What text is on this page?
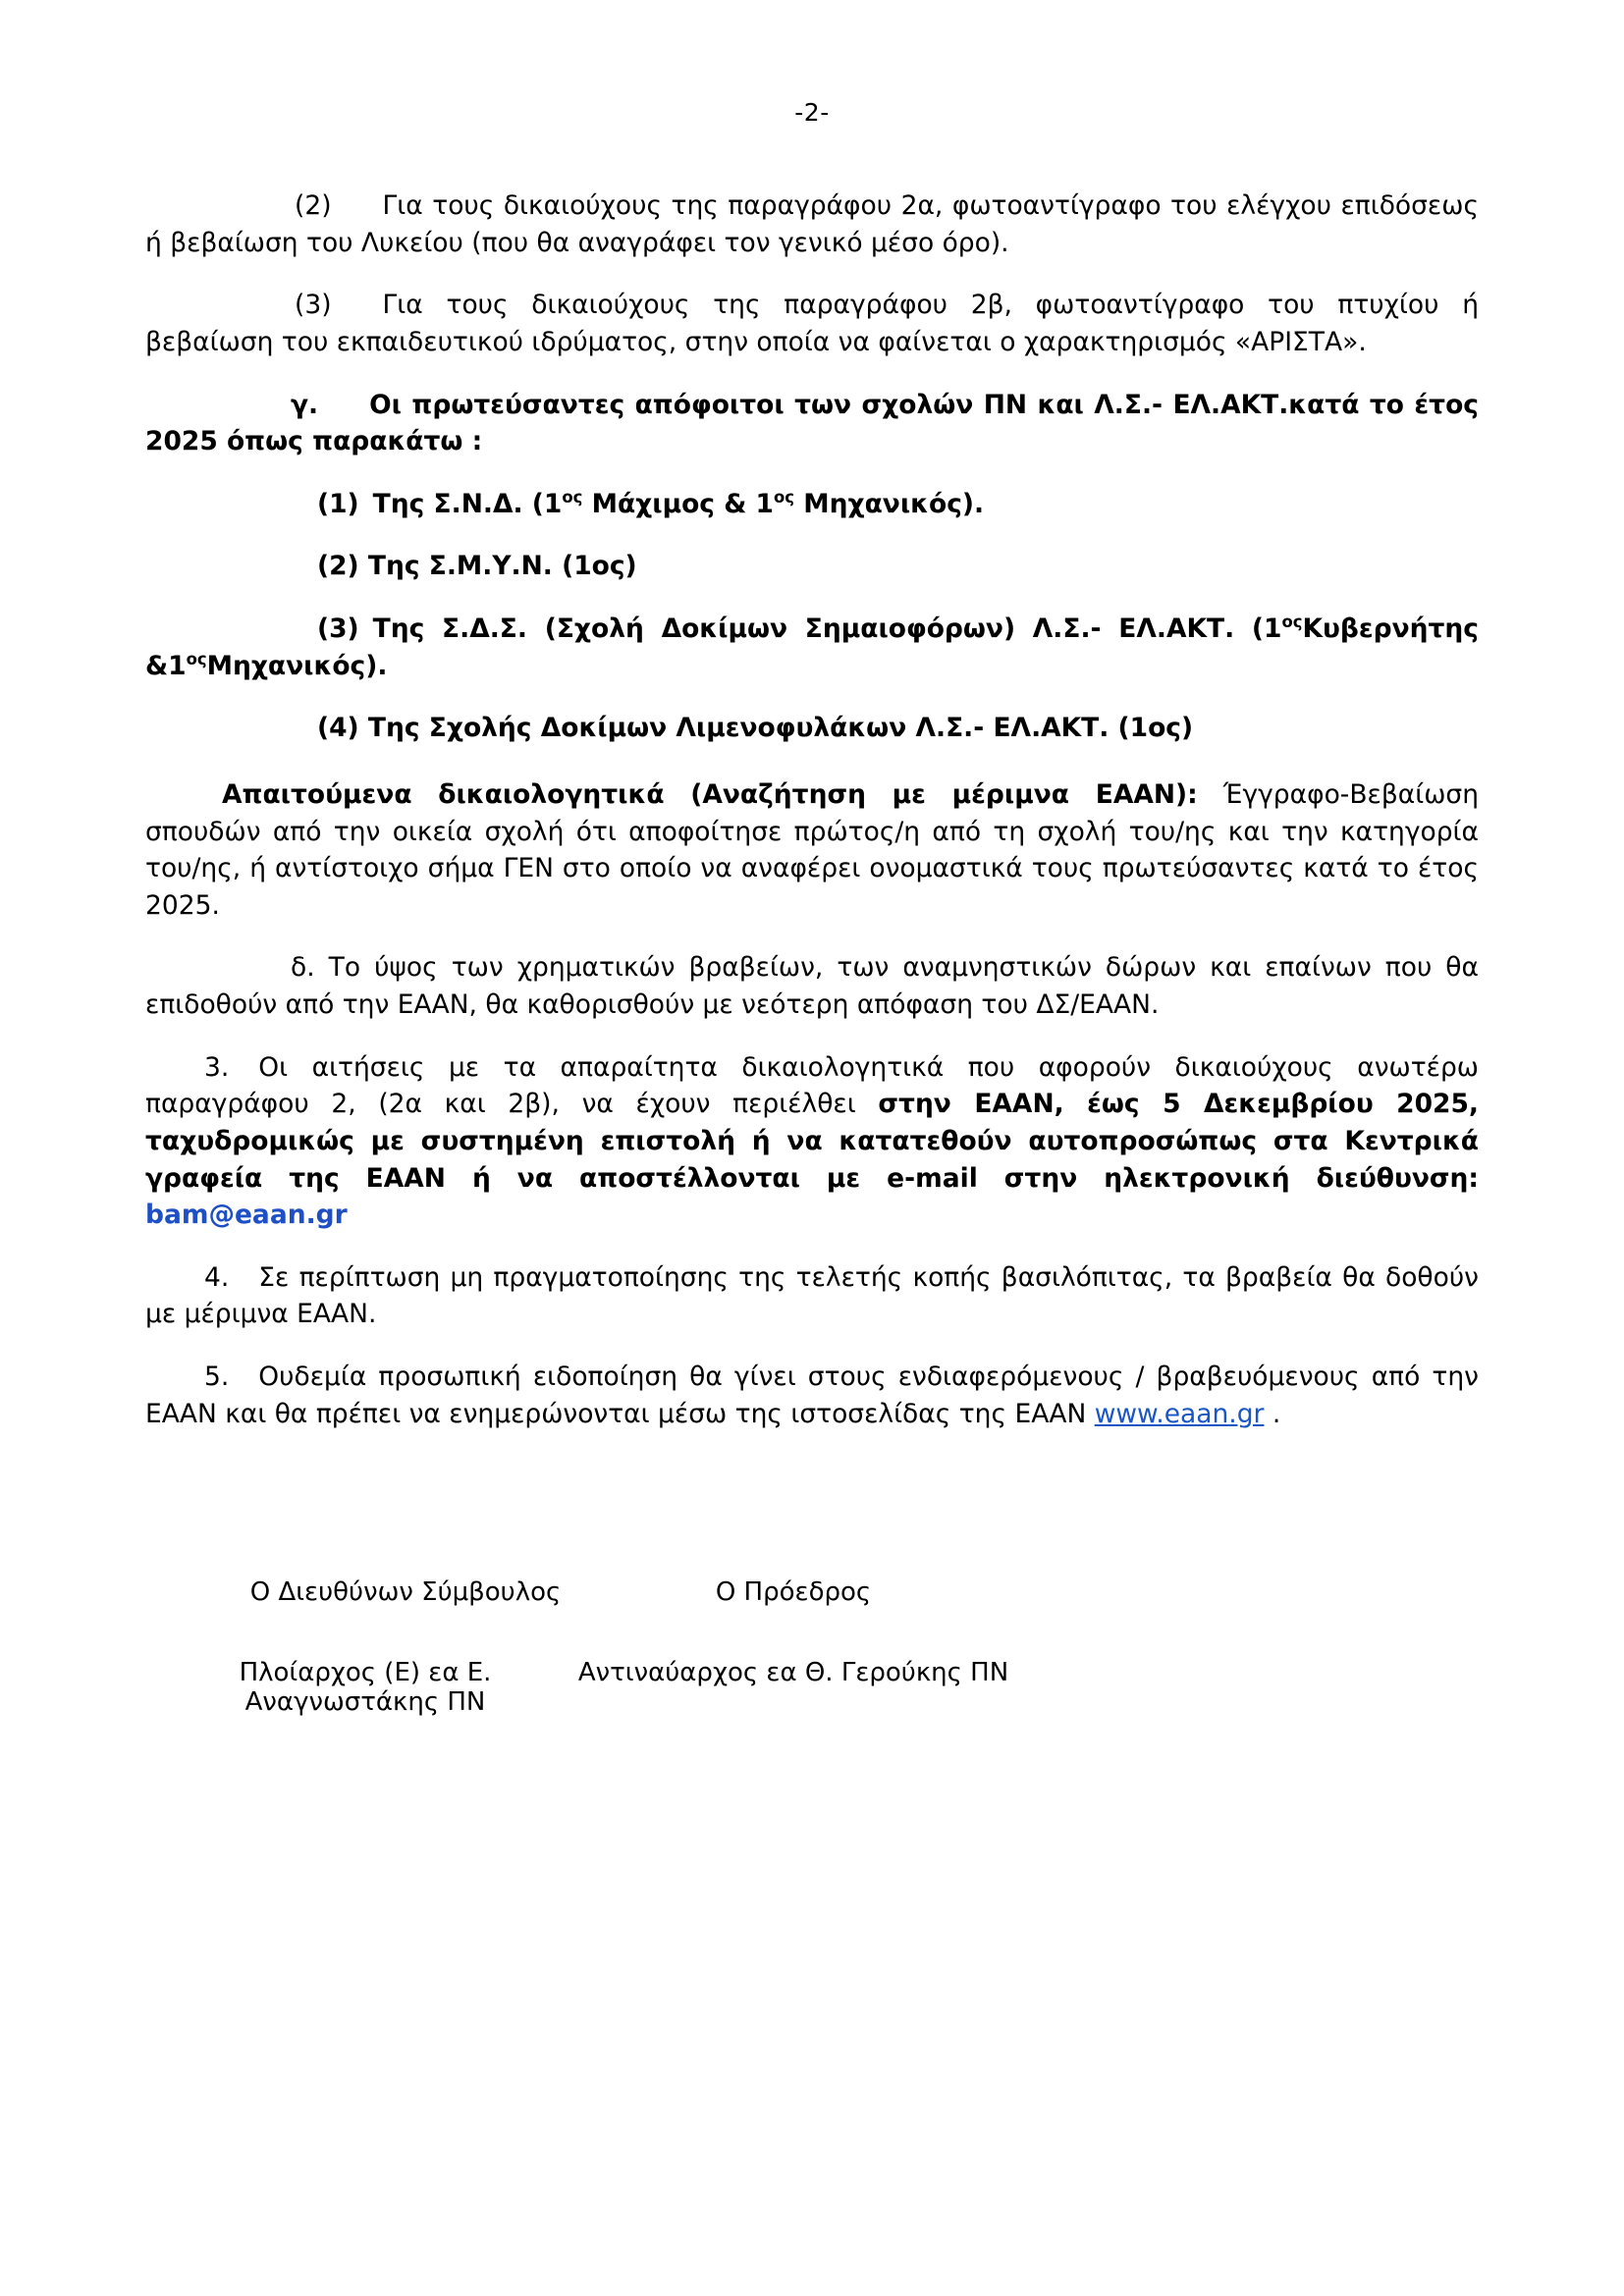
-2-

(2) Για τους δικαιούχους της παραγράφου 2α, φωτοαντίγραφο του ελέγχου επιδόσεως ή βεβαίωση του Λυκείου (που θα αναγράφει τον γενικό μέσο όρο).

(3) Για τους δικαιούχους της παραγράφου 2β, φωτοαντίγραφο του πτυχίου ή βεβαίωση του εκπαιδευτικού ιδρύματος, στην οποία να φαίνεται ο χαρακτηρισμός «ΑΡΙΣΤΑ».

γ. Οι πρωτεύσαντες απόφοιτοι των σχολών ΠΝ και Λ.Σ.- ΕΛ.ΑΚΤ.κατά το έτος 2025 όπως παρακάτω :

(1) Της Σ.Ν.Δ. ($1^{o\varsigma}$ Μάχιμος & $1^{o\varsigma}$ Μηχανικός).

(2) Της Σ.Μ.Υ.Ν. (1ος)

(3) Της Σ.Δ.Σ. (Σχολή Δοκίμων Σημαιοφόρων) Λ.Σ.- ΕΛ.ΑΚΤ. ($1^{o\varsigma}K\upsilon\beta\varepsilon\rho\nu ή\tau\eta\varsigma$ $\&1^{o\varsigma}M\eta\chi\alpha\nu\iota\kappa ό\varsigma$).

(4) Της Σχολής Δοκίμων Λιμενοφυλάκων Λ.Σ.- ΕΛ.ΑΚΤ. (1ος)

Απαιτούμενα δικαιολογητικά (Αναζήτηση με μέριμνα ΕΑΑΝ): Έγγραφο-Βεβαίωση σπουδών από την οικεία σχολή ότι αποφοίτησε πρώτος/η από τη σχολή του/ης και την κατηγορία του/ης, ή αντίστοιχο σήμα ΓΕΝ στο οποίο να αναφέρει ονομαστικά τους πρωτεύσαντες κατά το έτος 2025.

δ. Το ύψος των χρηματικών βραβείων, των αναμνηστικών δώρων και επαίνων που θα επιδοθούν από την ΕΑΑΝ, θα καθορισθούν με νεότερη απόφαση του ΔΣ/ΕΑΑΝ.

3. Οι αιτήσεις με τα απαραίτητα δικαιολογητικά που αφορούν δικαιούχους ανωτέρω παραγράφου 2, (2α και 2β), να έχουν περιέλθει στην ΕΑΑΝ, έως 5 Δεκεμβρίου 2025, ταχυδρομικώς με συστημένη επιστολή ή να κατατεθούν αυτοπροσώπως στα Κεντρικά γραφεία της ΕΑΑΝ ή να αποστέλλονται με e-mail στην ηλεκτρονική διεύθυνση: bam@eaan.gr

4. Σε περίπτωση μη πραγματοποίησης της τελετής κοπής βασιλόπιτας, τα βραβεία θα δοθούν με μέριμνα ΕΑΑΝ.

5. Ουδεμία προσωπική ειδοποίηση θα γίνει στους ενδιαφερόμενους / βραβευόμενους από την ΕΑΑΝ και θα πρέπει να ενημερώνονται μέσω της ιστοσελίδας της ΕΑΑΝ www.eaan.gr .

Ο Διευθύνων Σύμβουλος	Ο Πρόεδρος
Πλοίαρχος (Ε) εα Ε. Αναγνωστάκης ΠΝ
Αντιναύαρχος εα Θ. Γερούκης ΠΝ
